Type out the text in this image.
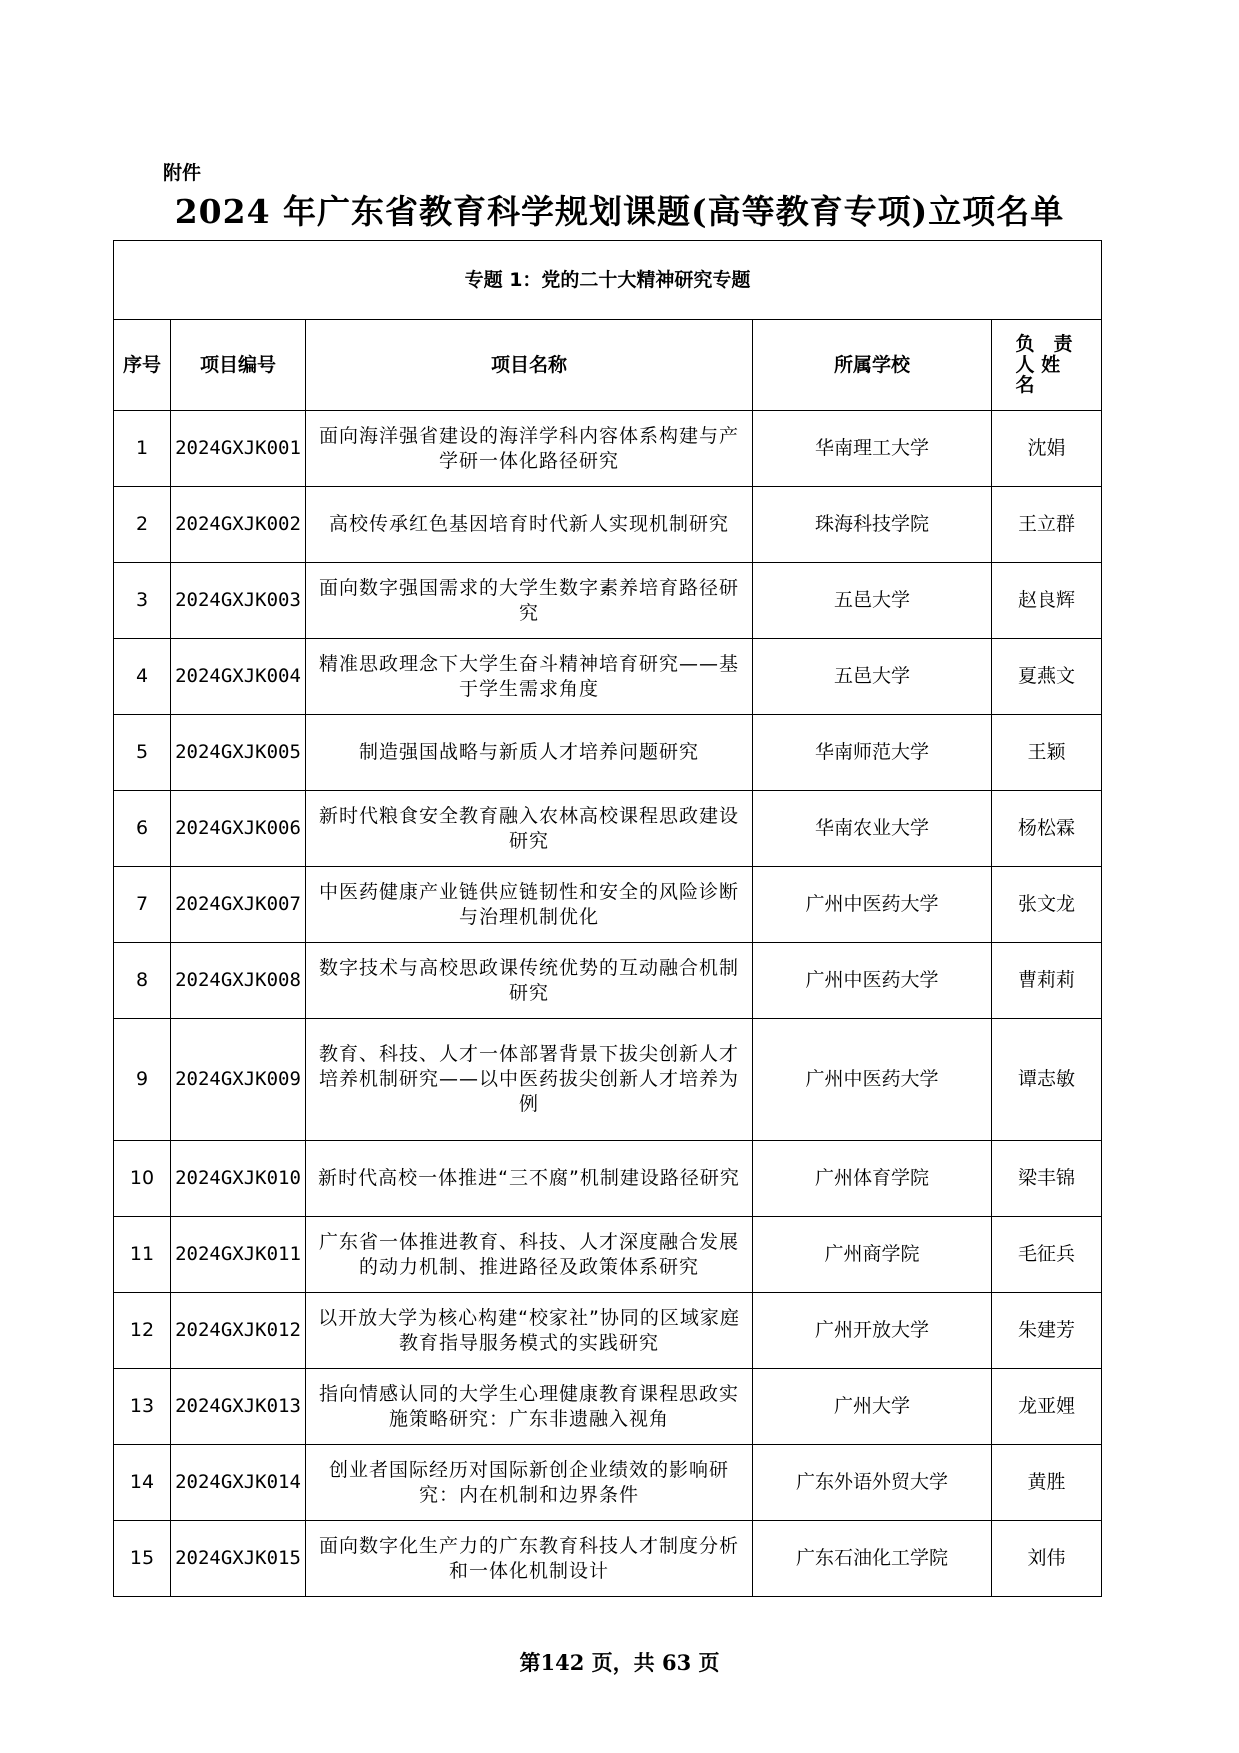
附件
2024 年广东省教育科学规划课题(高等教育专项)立项名单
专题 1：党的二十大精神研究专题				
序号	项目编号	项目名称	所属学校	负　责 人 姓 名

1	2024GXJK001	面向海洋强省建设的海洋学科内容体系构建与产学研一体化路径研究	华南理工大学	沈娟
2	2024GXJK002	高校传承红色基因培育时代新人实现机制研究	珠海科技学院	王立群
3	2024GXJK003	面向数字强国需求的大学生数字素养培育路径研究	五邑大学	赵良辉
4	2024GXJK004	精准思政理念下大学生奋斗精神培育研究——基于学生需求角度	五邑大学	夏燕文
5	2024GXJK005	制造强国战略与新质人才培养问题研究	华南师范大学	王颖
6	2024GXJK006	新时代粮食安全教育融入农林高校课程思政建设研究	华南农业大学	杨松霖
7	2024GXJK007	中医药健康产业链供应链韧性和安全的风险诊断与治理机制优化	广州中医药大学	张文龙
8	2024GXJK008	数字技术与高校思政课传统优势的互动融合机制研究	广州中医药大学	曹莉莉
9	2024GXJK009	教育、科技、人才一体部署背景下拔尖创新人才培养机制研究——以中医药拔尖创新人才培养为例	广州中医药大学	谭志敏
10	2024GXJK010	新时代高校一体推进“三不腐”机制建设路径研究	广州体育学院	梁丰锦
11	2024GXJK011	广东省一体推进教育、科技、人才深度融合发展的动力机制、推进路径及政策体系研究	广州商学院	毛征兵
12	2024GXJK012	以开放大学为核心构建“校家社”协同的区域家庭教育指导服务模式的实践研究	广州开放大学	朱建芳
13	2024GXJK013	指向情感认同的大学生心理健康教育课程思政实施策略研究：广东非遗融入视角	广州大学	龙亚娌
14	2024GXJK014	创业者国际经历对国际新创企业绩效的影响研究：内在机制和边界条件	广东外语外贸大学	黄胜
15	2024GXJK015	面向数字化生产力的广东教育科技人才制度分析和一体化机制设计	广东石油化工学院	刘伟
第142 页，共 63 页
